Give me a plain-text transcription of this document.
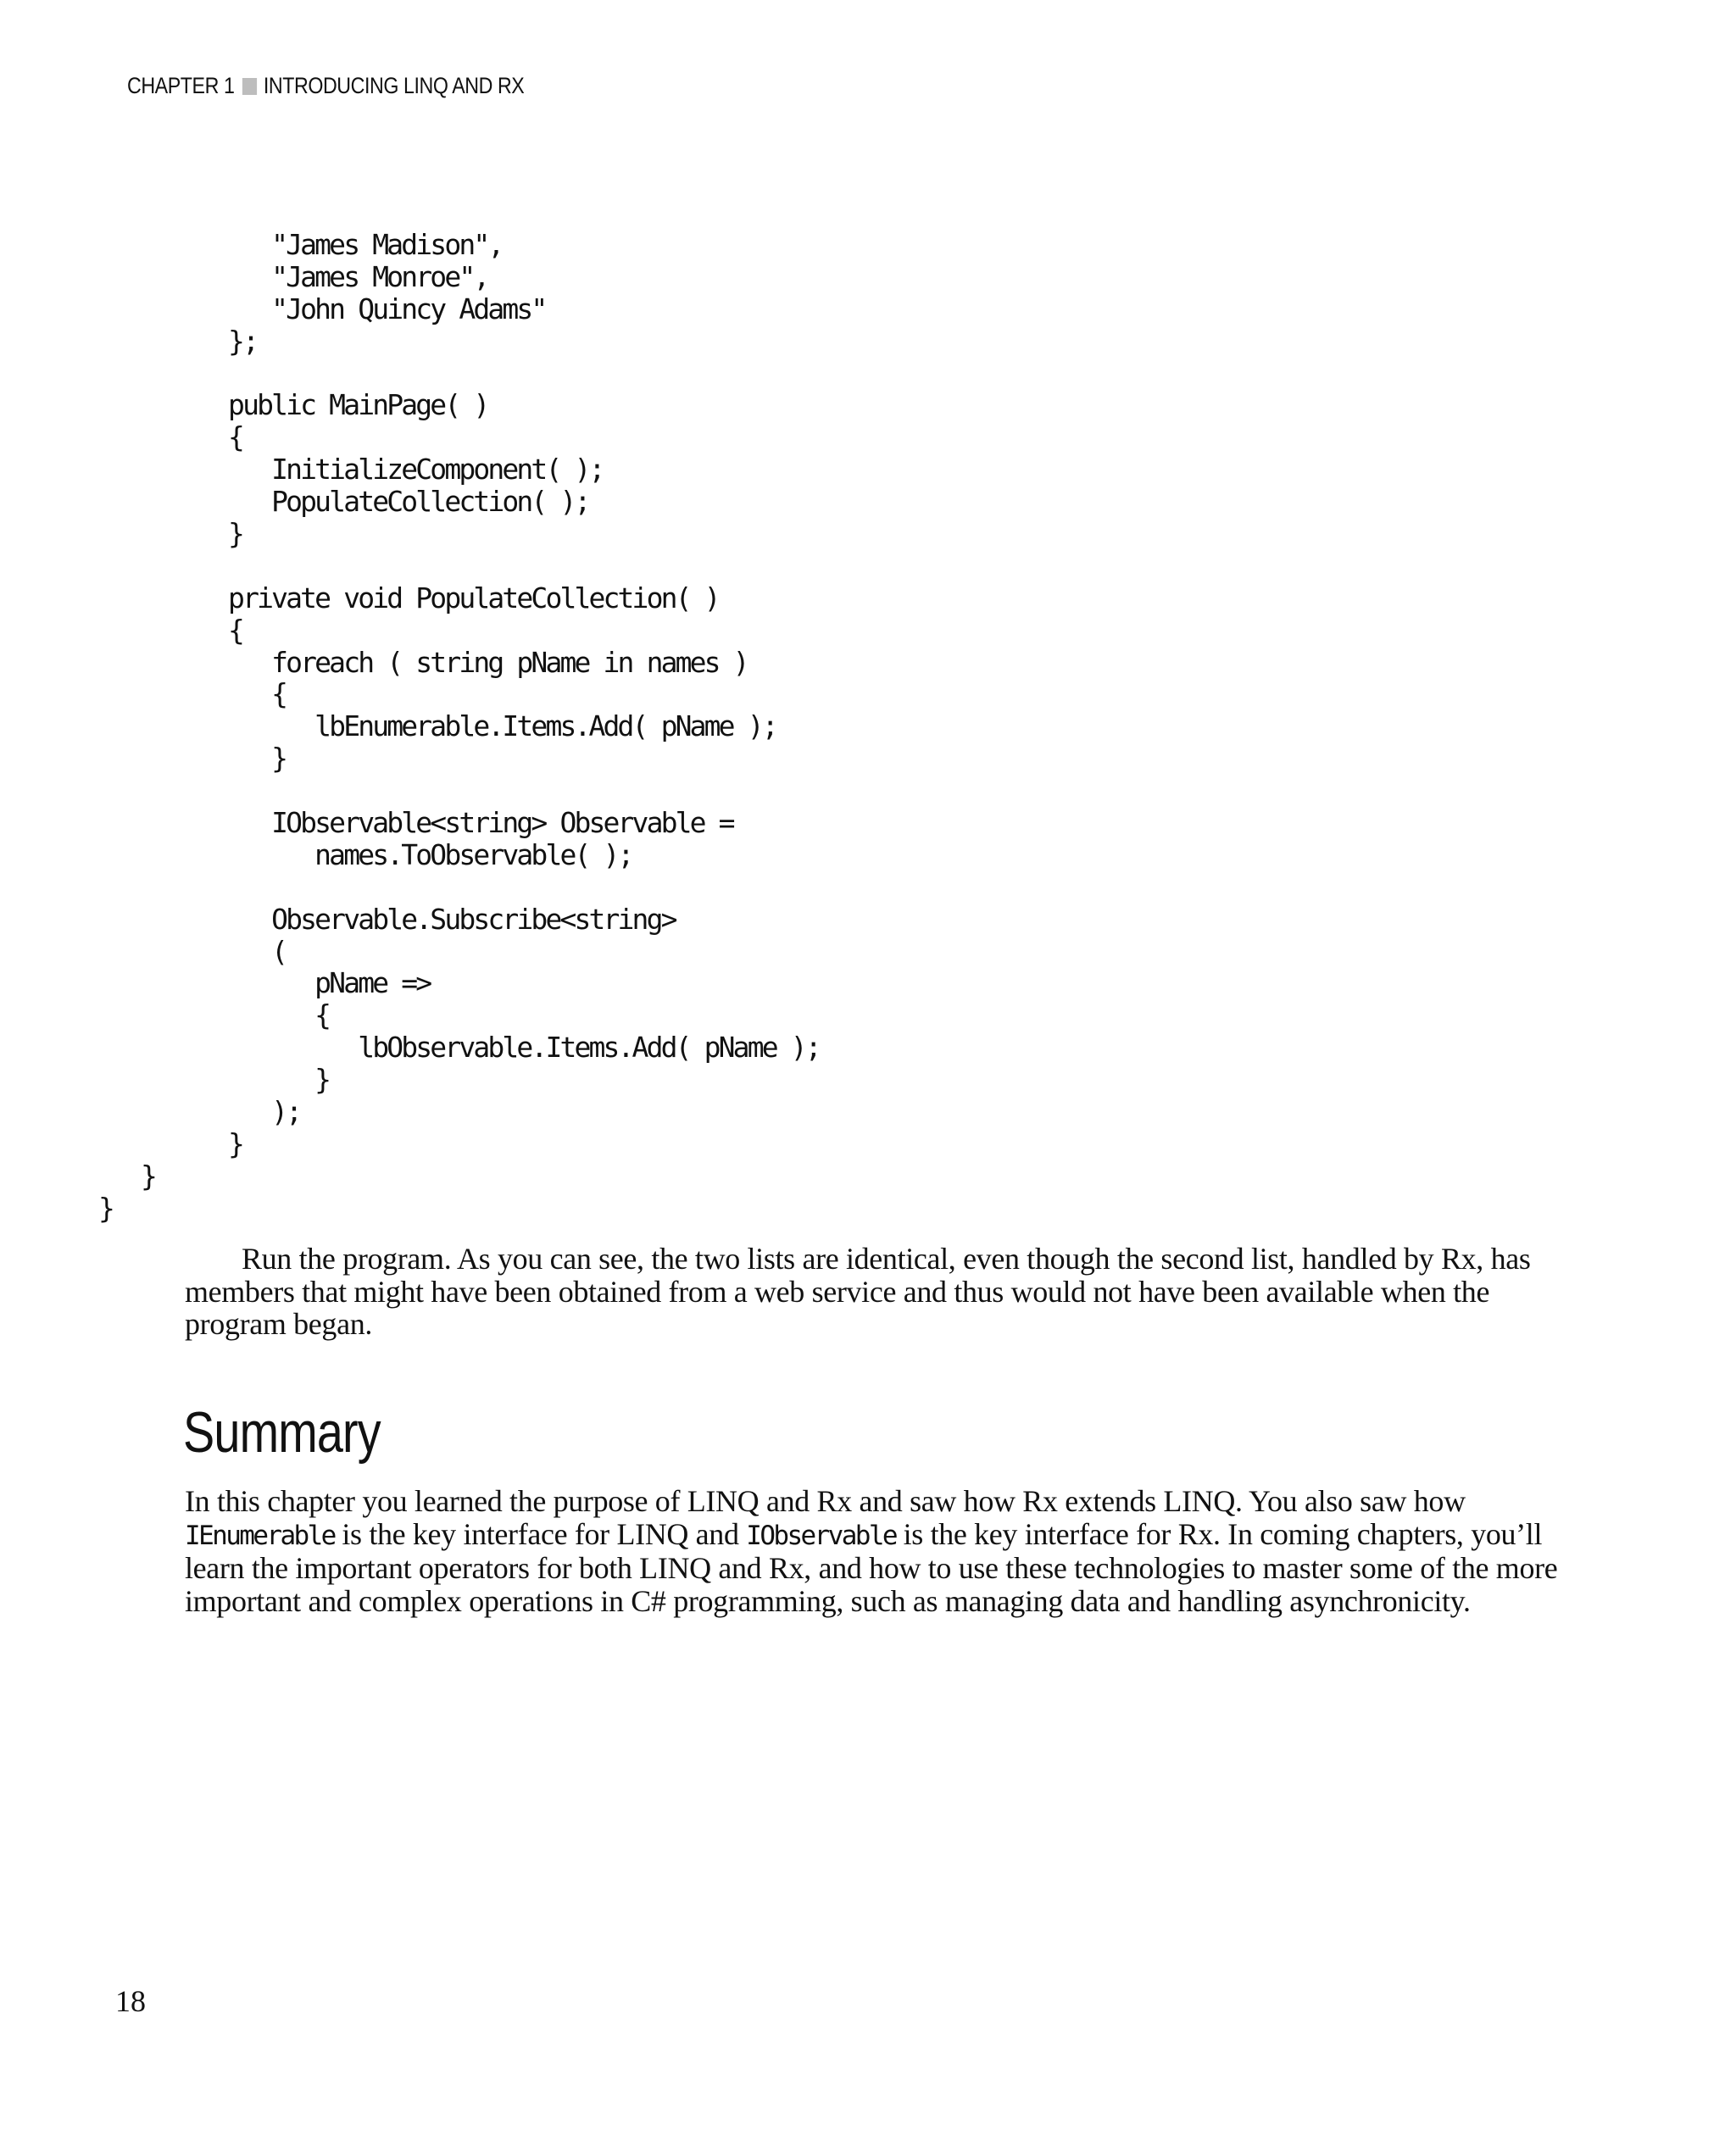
CHAPTER 1 INTRODUCING LINQ AND RX
"James Madison",
"James Monroe",
"John Quincy Adams"
};
public MainPage( )
{
InitializeComponent( );
PopulateCollection( );
}
private void PopulateCollection( )
{
foreach ( string pName in names )
{
lbEnumerable.Items.Add( pName );
}
IObservable<string> Observable =
names.ToObservable( );
Observable.Subscribe<string>
(
pName =>
{
lbObservable.Items.Add( pName );
}
);
}
}
}

Run the program. As you can see, the two lists are identical, even though the second list, handled by Rx, has members that might have been obtained from a web service and thus would not have been available when the program began.

Summary

In this chapter you learned the purpose of LINQ and Rx and saw how Rx extends LINQ. You also saw how IEnumerable is the key interface for LINQ and IObservable is the key interface for Rx. In coming chapters, you’ll learn the important operators for both LINQ and Rx, and how to use these technologies to master some of the more important and complex operations in C# programming, such as managing data and handling asynchronicity.

18
